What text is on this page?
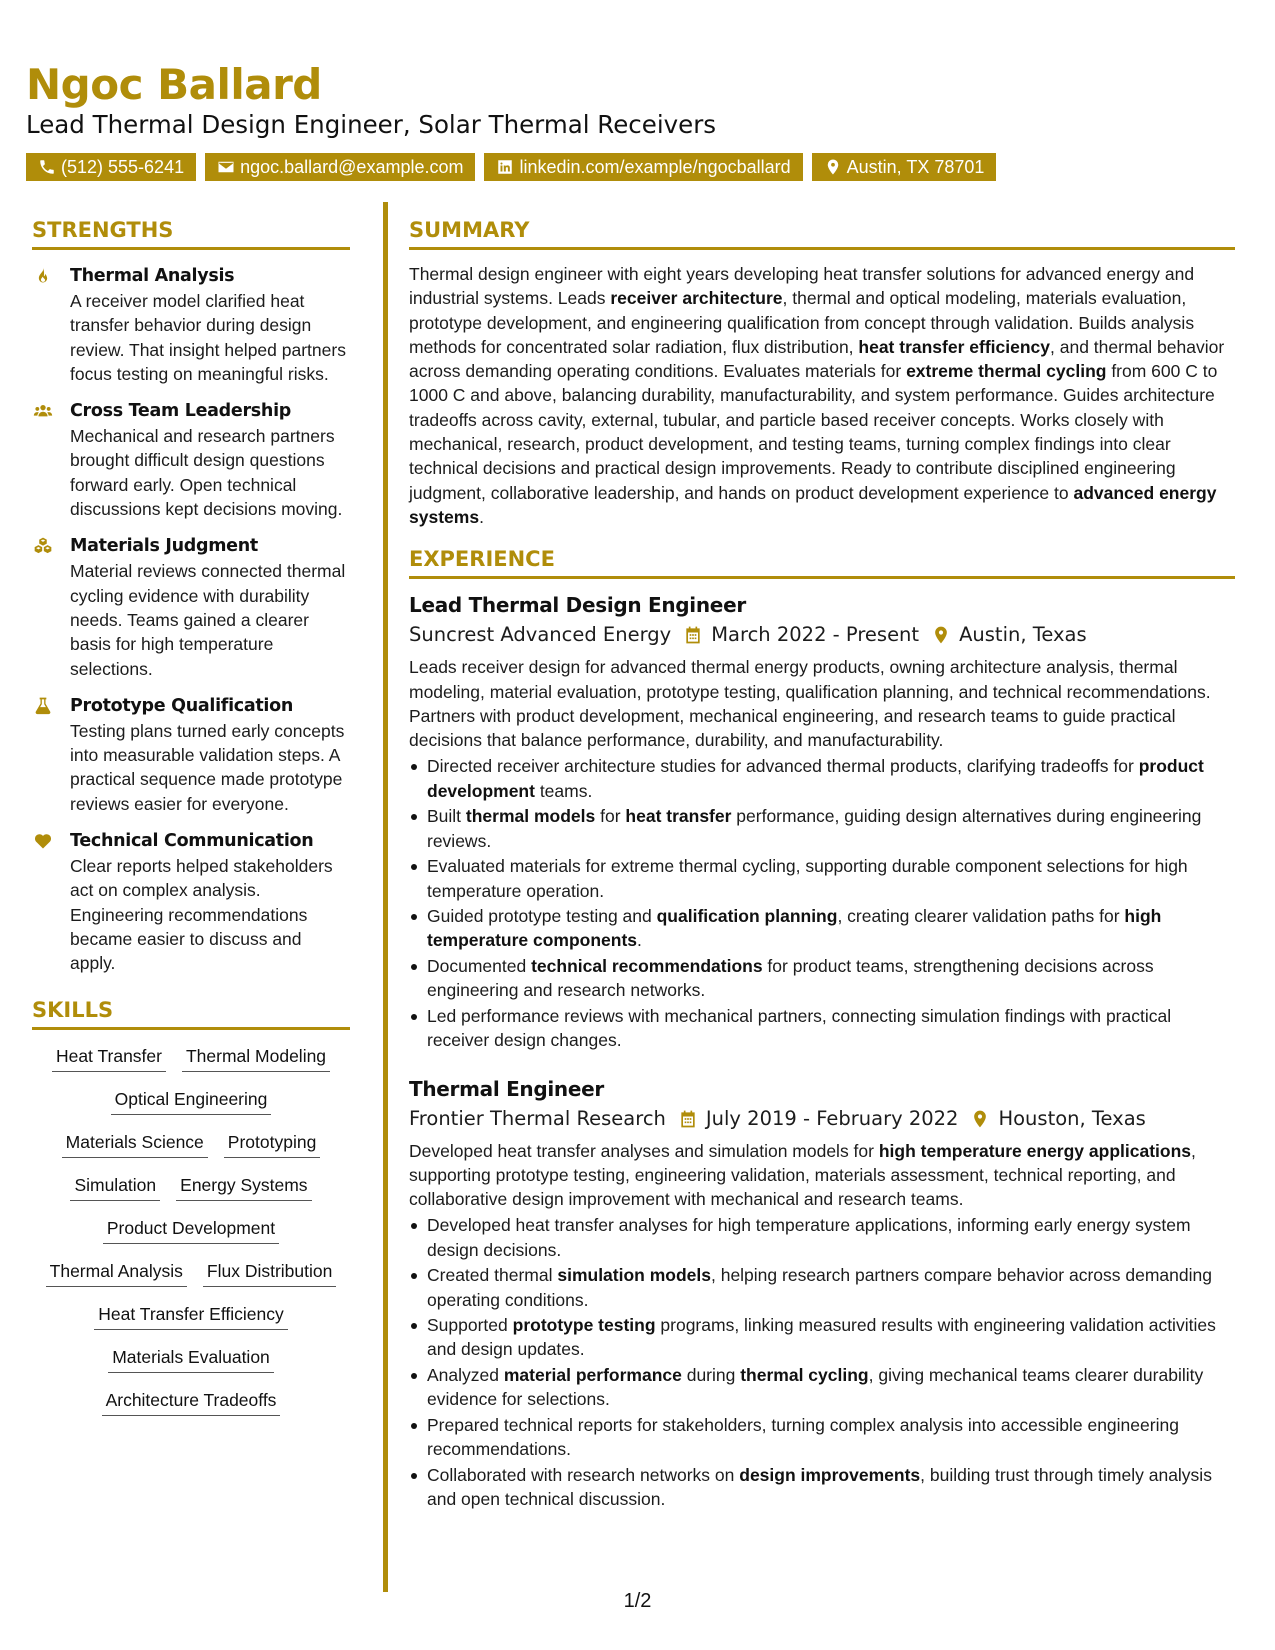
Ngoc Ballard
Lead Thermal Design Engineer, Solar Thermal Receivers
(512) 555-6241	ngoc.ballard@example.com	linkedin.com/example/ngocballard	Austin, TX 78701
STRENGTHS
Thermal Analysis
A receiver model clarified heat transfer behavior during design review. That insight helped partners focus testing on meaningful risks.
Cross Team Leadership
Mechanical and research partners brought difficult design questions forward early. Open technical discussions kept decisions moving.
Materials Judgment
Material reviews connected thermal cycling evidence with durability needs. Teams gained a clearer basis for high temperature selections.
Prototype Qualification
Testing plans turned early concepts into measurable validation steps. A practical sequence made prototype reviews easier for everyone.
Technical Communication
Clear reports helped stakeholders act on complex analysis. Engineering recommendations became easier to discuss and apply.
SKILLS
Heat Transfer Thermal Modeling
Optical Engineering
Materials Science Prototyping
Simulation Energy Systems
Product Development
Thermal Analysis Flux Distribution
Heat Transfer Efficiency
Materials Evaluation
Architecture Tradeoffs
SUMMARY
Thermal design engineer with eight years developing heat transfer solutions for advanced energy and industrial systems. Leads receiver architecture, thermal and optical modeling, materials evaluation, prototype development, and engineering qualification from concept through validation. Builds analysis methods for concentrated solar radiation, flux distribution, heat transfer efficiency, and thermal behavior across demanding operating conditions. Evaluates materials for extreme thermal cycling from 600 C to 1000 C and above, balancing durability, manufacturability, and system performance. Guides architecture tradeoffs across cavity, external, tubular, and particle based receiver concepts. Works closely with mechanical, research, product development, and testing teams, turning complex findings into clear technical decisions and practical design improvements. Ready to contribute disciplined engineering judgment, collaborative leadership, and hands on product development experience to advanced energy systems.
EXPERIENCE
Lead Thermal Design Engineer
Suncrest Advanced Energy March 2022 - Present Austin, Texas
Leads receiver design for advanced thermal energy products, owning architecture analysis, thermal modeling, material evaluation, prototype testing, qualification planning, and technical recommendations. Partners with product development, mechanical engineering, and research teams to guide practical decisions that balance performance, durability, and manufacturability.
Directed receiver architecture studies for advanced thermal products, clarifying tradeoffs for product development teams.
Built thermal models for heat transfer performance, guiding design alternatives during engineering reviews.
Evaluated materials for extreme thermal cycling, supporting durable component selections for high temperature operation.
Guided prototype testing and qualification planning, creating clearer validation paths for high temperature components.
Documented technical recommendations for product teams, strengthening decisions across engineering and research networks.
Led performance reviews with mechanical partners, connecting simulation findings with practical receiver design changes.
Thermal Engineer
Frontier Thermal Research July 2019 - February 2022 Houston, Texas
Developed heat transfer analyses and simulation models for high temperature energy applications, supporting prototype testing, engineering validation, materials assessment, technical reporting, and collaborative design improvement with mechanical and research teams.
Developed heat transfer analyses for high temperature applications, informing early energy system design decisions.
Created thermal simulation models, helping research partners compare behavior across demanding operating conditions.
Supported prototype testing programs, linking measured results with engineering validation activities and design updates.
Analyzed material performance during thermal cycling, giving mechanical teams clearer durability evidence for selections.
Prepared technical reports for stakeholders, turning complex analysis into accessible engineering recommendations.
Collaborated with research networks on design improvements, building trust through timely analysis and open technical discussion.
1/2
